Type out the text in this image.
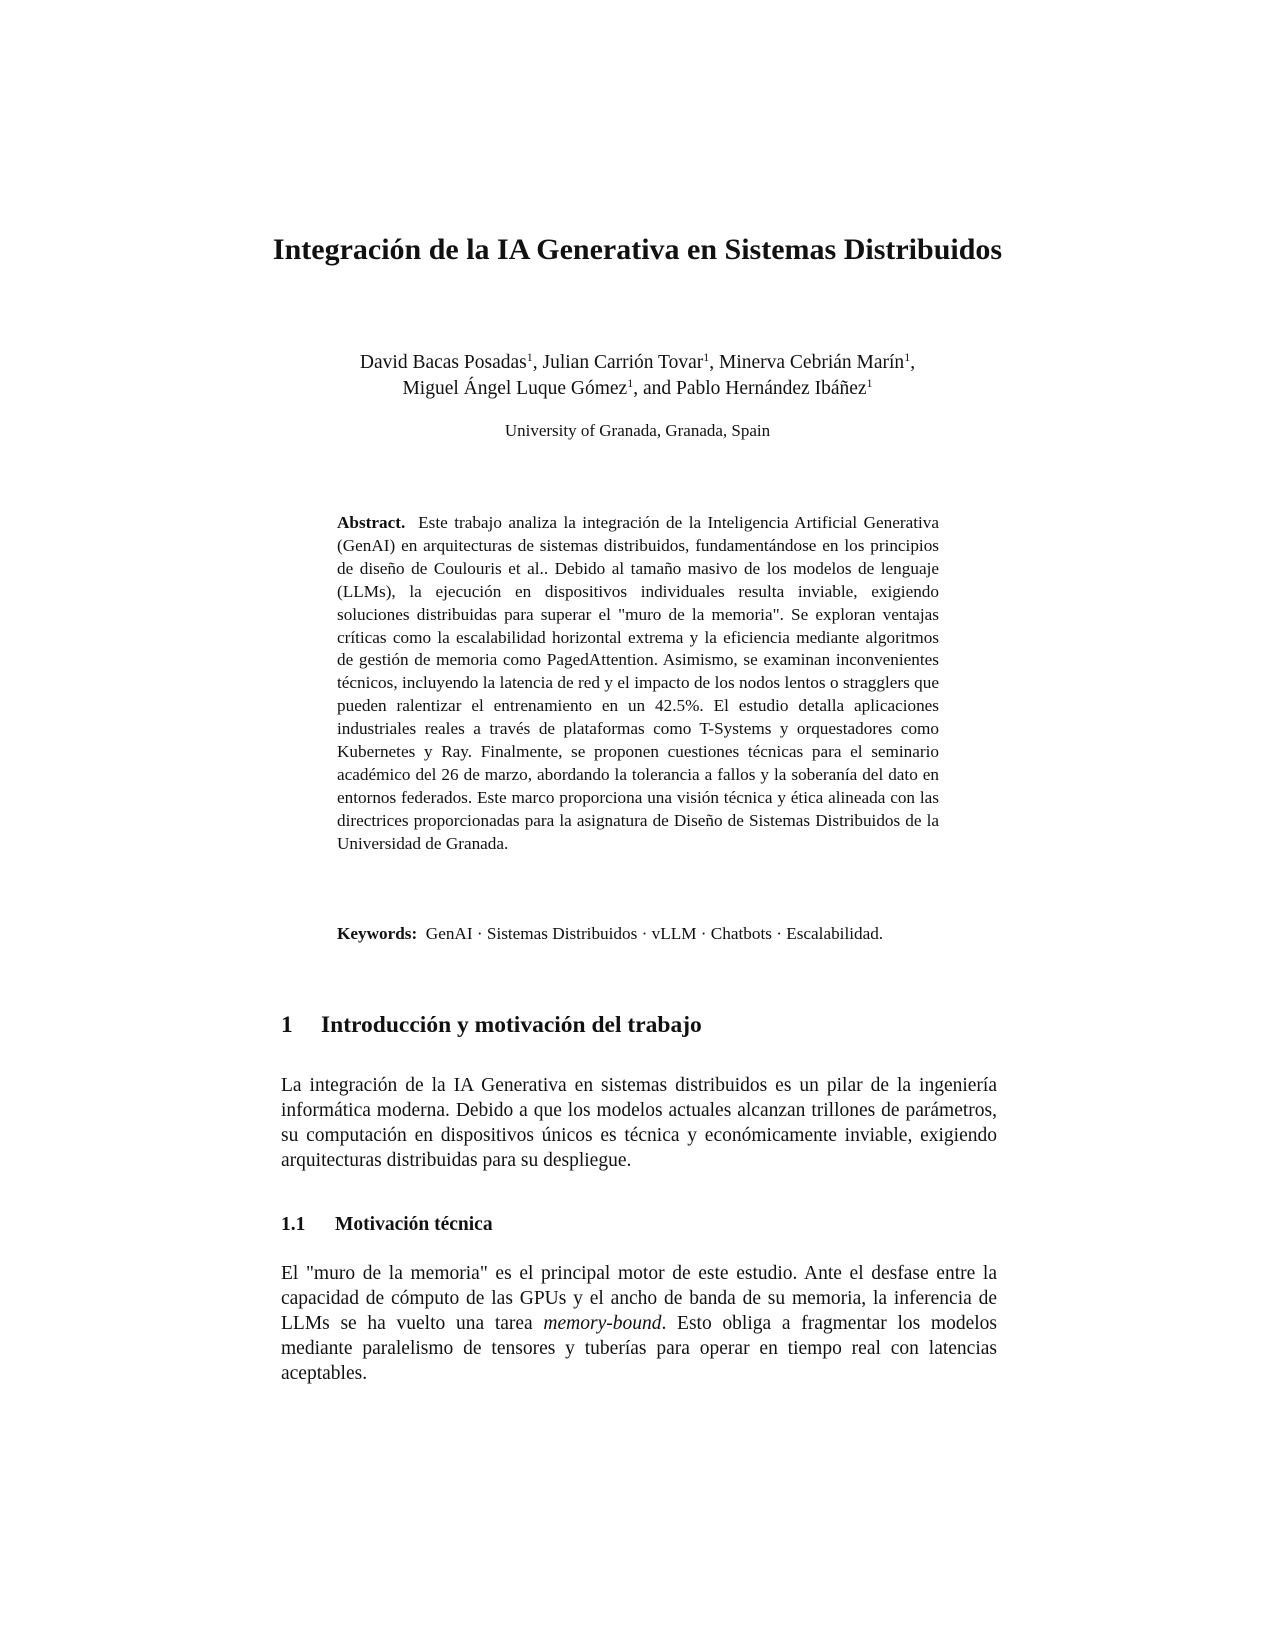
Integración de la IA Generativa en Sistemas Distribuidos

David Bacas Posadas$^1$, Julian Carrión Tovar$^1$, Minerva Cebrián Marín$^1$,
Miguel Ángel Luque Gómez$^1$, and Pablo Hernández Ibáñez$^1$

University of Granada, Granada, Spain

Abstract. Este trabajo analiza la integración de la Inteligencia Artificial Generativa (GenAI) en arquitecturas de sistemas distribuidos, fundamentándose en los principios de diseño de Coulouris et al.. Debido al tamaño masivo de los modelos de lenguaje (LLMs), la ejecución en dispositivos individuales resulta inviable, exigiendo soluciones distribuidas para superar el "muro de la memoria". Se exploran ventajas críticas como la escalabilidad horizontal extrema y la eficiencia mediante algoritmos de gestión de memoria como PagedAttention. Asimismo, se examinan inconvenientes técnicos, incluyendo la latencia de red y el impacto de los nodos lentos o stragglers que pueden ralentizar el entrenamiento en un 42.5%. El estudio detalla aplicaciones industriales reales a través de plataformas como T-Systems y orquestadores como Kubernetes y Ray. Finalmente, se proponen cuestiones técnicas para el seminario académico del 26 de marzo, abordando la tolerancia a fallos y la soberanía del dato en entornos federados. Este marco proporciona una visión técnica y ética alineada con las directrices proporcionadas para la asignatura de Diseño de Sistemas Distribuidos de la Universidad de Granada.

Keywords: GenAI · Sistemas Distribuidos · vLLM · Chatbots · Escalabilidad.

1 Introducción y motivación del trabajo

La integración de la IA Generativa en sistemas distribuidos es un pilar de la ingeniería informática moderna. Debido a que los modelos actuales alcanzan trillones de parámetros, su computación en dispositivos únicos es técnica y económicamente inviable, exigiendo arquitecturas distribuidas para su despliegue.

1.1 Motivación técnica

El "muro de la memoria" es el principal motor de este estudio. Ante el desfase entre la capacidad de cómputo de las GPUs y el ancho de banda de su memoria, la inferencia de LLMs se ha vuelto una tarea memory-bound. Esto obliga a fragmentar los modelos mediante paralelismo de tensores y tuberías para operar en tiempo real con latencias aceptables.
